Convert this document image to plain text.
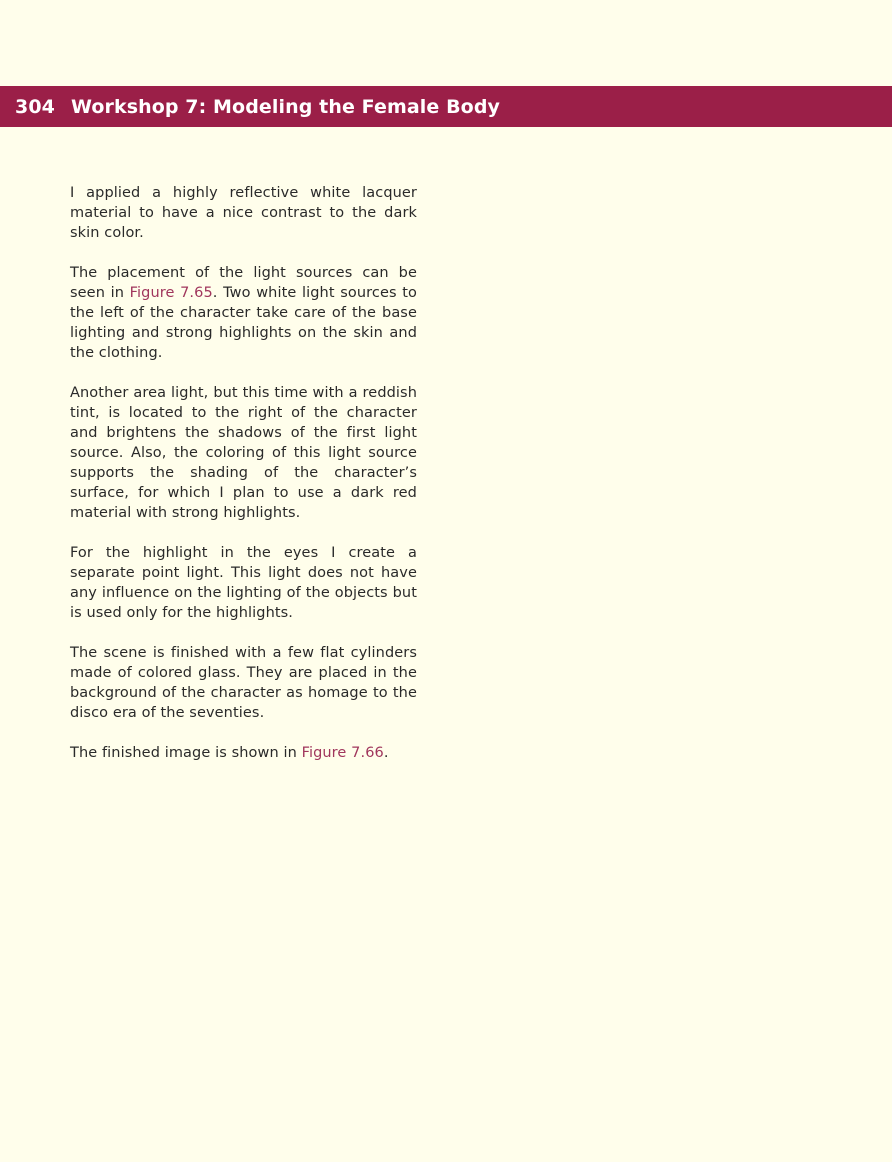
304 Workshop 7: Modeling the Female Body

I applied a highly reflective white lacquer material to have a nice contrast to the dark skin color.

The placement of the light sources can be seen in Figure 7.65. Two white light sources to the left of the character take care of the base lighting and strong highlights on the skin and the clothing.

Another area light, but this time with a reddish tint, is located to the right of the character and brightens the shadows of the first light source. Also, the coloring of this light source supports the shading of the character’s surface, for which I plan to use a dark red material with strong highlights.

For the highlight in the eyes I create a separate point light. This light does not have any influence on the lighting of the objects but is used only for the highlights.

The scene is finished with a few flat cylinders made of colored glass. They are placed in the background of the character as homage to the disco era of the seventies.

The finished image is shown in Figure 7.66.
